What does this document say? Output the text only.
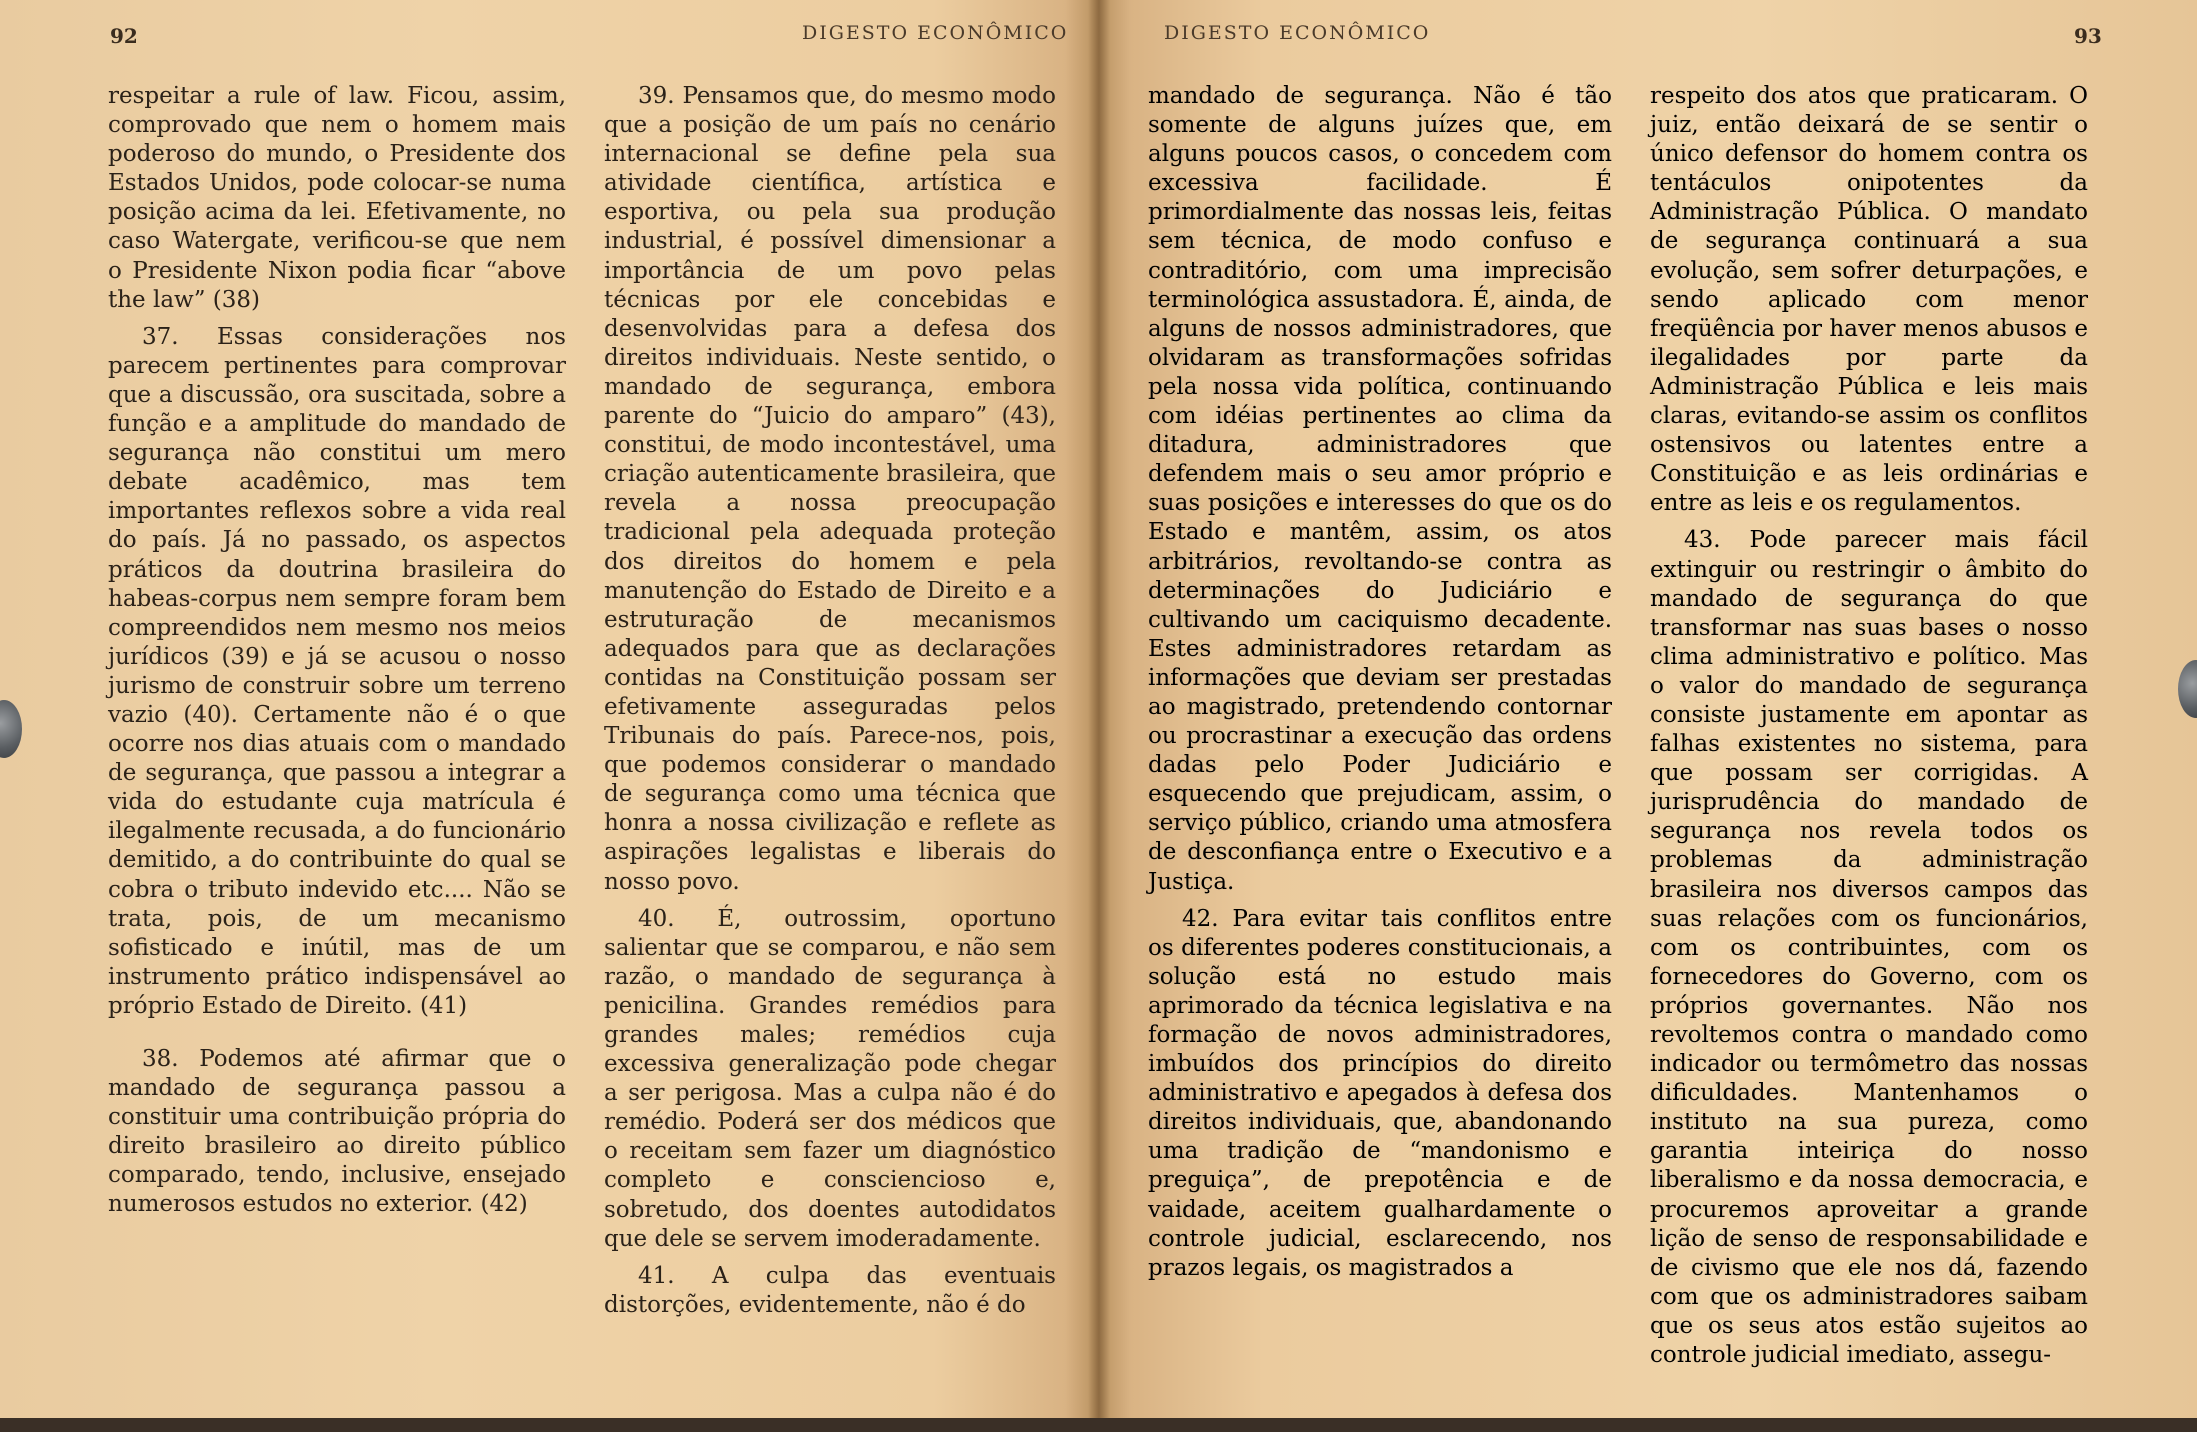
92	DIGESTO ECONÔMICO

respeitar a rule of law. Ficou, assim, comprovado que nem o homem mais poderoso do mundo, o Presidente dos Estados Unidos, pode colocar-se numa posição acima da lei. Efetivamente, no caso Watergate, verificou-se que nem o Presidente Nixon podia ficar “above the law” (38)

37. Essas considerações nos parecem pertinentes para comprovar que a discussão, ora suscitada, sobre a função e a amplitude do mandado de segurança não constitui um mero debate acadêmico, mas tem importantes reflexos sobre a vida real do país. Já no passado, os aspectos práticos da doutrina brasileira do habeas-corpus nem sempre foram bem compreendidos nem mesmo nos meios jurídicos (39) e já se acusou o nosso jurismo de construir sobre um terreno vazio (40). Certamente não é o que ocorre nos dias atuais com o mandado de segurança, que passou a integrar a vida do estudante cuja matrícula é ilegalmente recusada, a do funcionário demitido, a do contribuinte do qual se cobra o tributo indevido etc.... Não se trata, pois, de um mecanismo sofisticado e inútil, mas de um instrumento prático indispensável ao próprio Estado de Direito. (41)

38. Podemos até afirmar que o mandado de segurança passou a constituir uma contribuição própria do direito brasileiro ao direito público comparado, tendo, inclusive, ensejado numerosos estudos no exterior. (42)

39. Pensamos que, do mesmo modo que a posição de um país no cenário internacional se define pela sua atividade científica, artística e esportiva, ou pela sua produção industrial, é possível dimensionar a importância de um povo pelas técnicas por ele concebidas e desenvolvidas para a defesa dos direitos individuais. Neste sentido, o mandado de segurança, embora parente do “Juicio do amparo” (43), constitui, de modo incontestável, uma criação autenticamente brasileira, que revela a nossa preocupação tradicional pela adequada proteção dos direitos do homem e pela manutenção do Estado de Direito e a estruturação de mecanismos adequados para que as declarações contidas na Constituição possam ser efetivamente asseguradas pelos Tribunais do país. Parece-nos, pois, que podemos considerar o mandado de segurança como uma técnica que honra a nossa civilização e reflete as aspirações legalistas e liberais do nosso povo.

40. É, outrossim, oportuno salientar que se comparou, e não sem razão, o mandado de segurança à penicilina. Grandes remédios para grandes males; remédios cuja excessiva generalização pode chegar a ser perigosa. Mas a culpa não é do remédio. Poderá ser dos médicos que o receitam sem fazer um diagnóstico completo e consciencioso e, sobretudo, dos doentes autodidatos que dele se servem imoderadamente.

41. A culpa das eventuais distorções, evidentemente, não é do

DIGESTO ECONÔMICO	93

mandado de segurança. Não é tão somente de alguns juízes que, em alguns poucos casos, o concedem com excessiva facilidade. É primordialmente das nossas leis, feitas sem técnica, de modo confuso e contraditório, com uma imprecisão terminológica assustadora. É, ainda, de alguns de nossos administradores, que olvidaram as transformações sofridas pela nossa vida política, continuando com idéias pertinentes ao clima da ditadura, administradores que defendem mais o seu amor próprio e suas posições e interesses do que os do Estado e mantêm, assim, os atos arbitrários, revoltando-se contra as determinações do Judiciário e cultivando um caciquismo decadente. Estes administradores retardam as informações que deviam ser prestadas ao magistrado, pretendendo contornar ou procrastinar a execução das ordens dadas pelo Poder Judiciário e esquecendo que prejudicam, assim, o serviço público, criando uma atmosfera de desconfiança entre o Executivo e a Justiça.

42. Para evitar tais conflitos entre os diferentes poderes constitucionais, a solução está no estudo mais aprimorado da técnica legislativa e na formação de novos administradores, imbuídos dos princípios do direito administrativo e apegados à defesa dos direitos individuais, que, abandonando uma tradição de “mandonismo e preguiça”, de prepotência e de vaidade, aceitem gualhardamente o controle judicial, esclarecendo, nos prazos legais, os magistrados a

respeito dos atos que praticaram. O juiz, então deixará de se sentir o único defensor do homem contra os tentáculos onipotentes da Administração Pública. O mandato de segurança continuará a sua evolução, sem sofrer deturpações, e sendo aplicado com menor freqüência por haver menos abusos e ilegalidades por parte da Administração Pública e leis mais claras, evitando-se assim os conflitos ostensivos ou latentes entre a Constituição e as leis ordinárias e entre as leis e os regulamentos.

43. Pode parecer mais fácil extinguir ou restringir o âmbito do mandado de segurança do que transformar nas suas bases o nosso clima administrativo e político. Mas o valor do mandado de segurança consiste justamente em apontar as falhas existentes no sistema, para que possam ser corrigidas. A jurisprudência do mandado de segurança nos revela todos os problemas da administração brasileira nos diversos campos das suas relações com os funcionários, com os contribuintes, com os fornecedores do Governo, com os próprios governantes. Não nos revoltemos contra o mandado como indicador ou termômetro das nossas dificuldades. Mantenhamos o instituto na sua pureza, como garantia inteiriça do nosso liberalismo e da nossa democracia, e procuremos aproveitar a grande lição de senso de responsabilidade e de civismo que ele nos dá, fazendo com que os administradores saibam que os seus atos estão sujeitos ao controle judicial imediato, assegu-
